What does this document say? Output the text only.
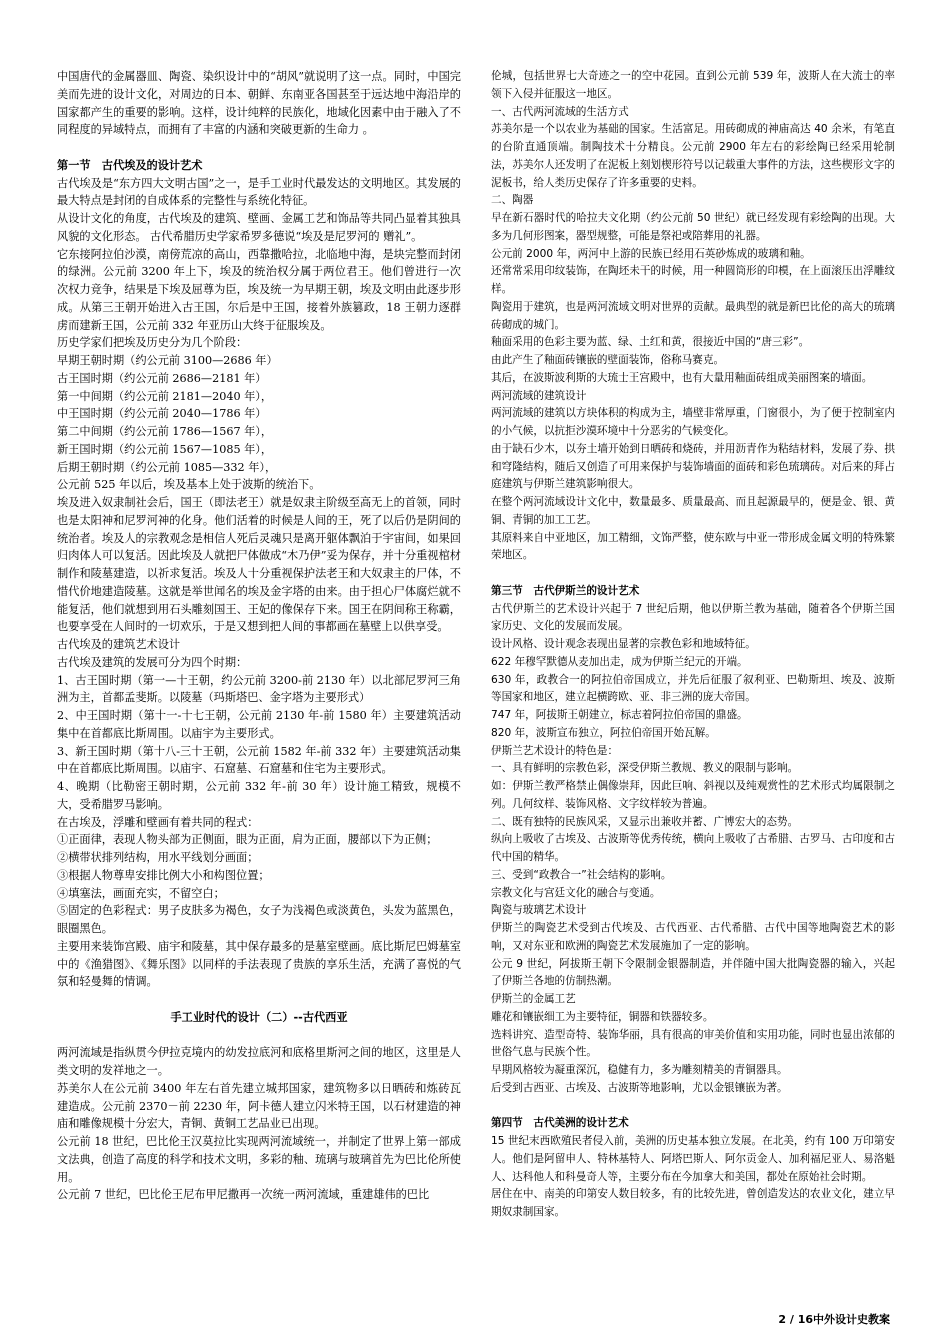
中国唐代的金属器皿、陶瓷、染织设计中的“胡风”就说明了这一点。同时，中国完美而先进的设计文化，对周边的日本、朝鲜、东南亚各国甚至于远达地中海沿岸的国家都产生的重要的影响。这样，设计纯粹的民族化，地域化因素中由于融入了不同程度的异域特点，而拥有了丰富的内涵和突破更新的生命力 。

第一节　古代埃及的设计艺术

古代埃及是“东方四大文明古国”之一，是手工业时代最发达的文明地区。其发展的最大特点是封闭的自成体系的完整性与系统化特征。

从设计文化的角度，古代埃及的建筑、壁画、金属工艺和饰品等共同凸显着其独具风貌的文化形态。 古代希腊历史学家希罗多德说“埃及是尼罗河的 赠礼”。

它东接阿拉伯沙漠，南傍荒凉的高山，西靠撒哈拉，北临地中海，是块完整而封闭的绿洲。公元前 3200 年上下，埃及的统治权分属于两位君王。他们曾进行一次次权力竞争，结果是下埃及屈尊为臣，埃及统一为早期王朝，埃及文明由此逐步形成。从第三王朝开始进入古王国，尔后是中王国，接着外族篡政，18 王朝力逐群虏而建新王国，公元前 332 年亚历山大终于征服埃及。

历史学家们把埃及历史分为几个阶段：

早期王朝时期（约公元前 3100—2686 年）

古王国时期（约公元前 2686—2181 年）

第一中间期（约公元前 2181—2040 年），

中王国时期（约公元前 2040—1786 年）

第二中间期（约公元前 1786—1567 年），

新王国时期（约公元前 1567—1085 年），

后期王朝时期（约公元前 1085—332 年），

公元前 525 年以后，埃及基本上处于波斯的统治下。

埃及进入奴隶制社会后，国王（即法老王）就是奴隶主阶级至高无上的首领，同时也是太阳神和尼罗河神的化身。他们活着的时候是人间的王，死了以后仍是阴间的统治者。埃及人的宗教观念是相信人死后灵魂只是离开躯体飘泊于宇宙间，如果回归肉体人可以复活。因此埃及人就把尸体做成“木乃伊”妥为保存，并十分重视棺材制作和陵墓建造，以祈求复活。埃及人十分重视保护法老王和大奴隶主的尸体，不惜代价地建造陵墓。这就是举世闻名的埃及金字塔的由来。由于担心尸体腐烂就不能复活，他们就想到用石头雕刻国王、王妃的像保存下来。国王在阴间称王称霸，也要享受在人间时的一切欢乐，于是又想到把人间的事都画在墓壁上以供享受。

古代埃及的建筑艺术设计

古代埃及建筑的发展可分为四个时期：

1、古王国时期（第一—十王朝，约公元前 3200-前 2130 年）以北部尼罗河三角洲为主，首都孟斐斯。以陵墓（玛斯塔巴、金字塔为主要形式）

2、中王国时期（第十一-十七王朝，公元前 2130 年-前 1580 年）主要建筑活动集中在首都底比斯周围。以庙宇为主要形式。

3、新王国时期（第十八-三十王朝，公元前 1582 年-前 332 年）主要建筑活动集中在首都底比斯周围。以庙宇、石窟墓、石窟墓和住宅为主要形式。

4、晚期（比勒密王朝时期，公元前 332 年-前 30 年）设计施工精致，规模不大，受希腊罗马影响。

在古埃及，浮雕和壁画有着共同的程式：

①正面律，表现人物头部为正侧面，眼为正面，肩为正面，腰部以下为正侧；

②横带状排列结构，用水平线划分画面；

③根据人物尊卑安排比例大小和构图位置；

④填塞法，画面充实，不留空白；

⑤固定的色彩程式：男子皮肤多为褐色，女子为浅褐色或淡黄色，头发为蓝黑色，眼圈黑色。

主要用来装饰宫殿、庙宇和陵墓，其中保存最多的是墓室壁画。底比斯尼巴姆墓室中的《渔猎图》、《舞乐图》以同样的手法表现了贵族的享乐生活，充满了喜悦的气氛和轻曼舞的情调。

手工业时代的设计（二）--古代西亚

两河流域是指纵贯今伊拉克境内的幼发拉底河和底格里斯河之间的地区，这里是人类文明的发祥地之一。

苏美尔人在公元前 3400 年左右首先建立城邦国家，建筑物多以日晒砖和炼砖瓦建造成。公元前 2370－前 2230 年，阿卡德人建立闪米特王国，以石材建造的神庙和雕像规模十分宏大，青铜、黄铜工艺品业已出现。

公元前 18 世纪，巴比伦王汉莫拉比实现两河流域统一，并制定了世界上第一部成文法典，创造了高度的科学和技术文明，多彩的釉、琉璃与玻璃首先为巴比伦所使用。

公元前 7 世纪，巴比伦王尼布甲尼撒再一次统一两河流域，重建雄伟的巴比

伦城，包括世界七大奇迹之一的空中花园。直到公元前 539 年，波斯人在大流士的率领下入侵并征服这一地区。

一、古代两河流域的生活方式

苏美尔是一个以农业为基础的国家。生活富足。用砖砌成的神庙高达 40 余米，有笔直的台阶直通顶端。制陶技术十分精良。公元前 2900 年左右的彩绘陶已经采用轮制法，苏美尔人还发明了在泥板上刻划楔形符号以记载重大事件的方法，这些楔形文字的泥板书，给人类历史保存了许多重要的史料。

二、陶器

早在新石器时代的哈拉夫文化期（约公元前 50 世纪）就已经发现有彩绘陶的出现。大多为几何形图案，器型规整，可能是祭祀或陪葬用的礼器。

公元前 2000 年，两河中上游的民族已经用石英砂炼成的玻璃和釉。

还常常采用印纹装饰，在陶坯未干的时候，用一种圆筒形的印模，在上面滚压出浮雕纹样。

陶瓷用于建筑，也是两河流域文明对世界的贡献。最典型的就是新巴比伦的高大的琉璃砖砌成的城门。

釉面采用的色彩主要为蓝、绿、土红和黄，很接近中国的“唐三彩”。

由此产生了釉面砖镶嵌的壁面装饰，俗称马赛克。

其后，在波斯波利斯的大琉士王宫殿中，也有大量用釉面砖组成美丽图案的墙面。

两河流域的建筑设计

两河流域的建筑以方块体积的构成为主，墙壁非常厚重，门窗很小，为了便于控制室内的小气候，以抗拒沙漠环境中十分恶劣的气候变化。

由于缺石少木，以夯土墙开始到日晒砖和烧砖，并用沥青作为粘结材料，发展了券、拱和穹隆结构，随后又创造了可用来保护与装饰墙面的面砖和彩色琉璃砖。对后来的拜占庭建筑与伊斯兰建筑影响很大。

在整个两河流域设计文化中，数量最多、质量最高、而且起源最早的，便是金、银、黄铜、青铜的加工工艺。

其原料来自中亚地区，加工精细，文饰严整，使东欧与中亚一带形成金属文明的特殊繁荣地区。

第三节　古代伊斯兰的设计艺术

古代伊斯兰的艺术设计兴起于 7 世纪后期，他以伊斯兰教为基础，随着各个伊斯兰国家历史、文化的发展而发展。

设计风格、设计观念表现出显著的宗教色彩和地域特征。

622 年穆罕默德从麦加出走，成为伊斯兰纪元的开端。

630 年，政教合一的阿拉伯帝国成立，并先后征服了叙利亚、巴勒斯坦、埃及、波斯等国家和地区，建立起横跨欧、亚、非三洲的庞大帝国。

747 年，阿拔斯王朝建立，标志着阿拉伯帝国的鼎盛。

820 年，波斯宣布独立，阿拉伯帝国开始瓦解。

伊斯兰艺术设计的特色是：

一、具有鲜明的宗教色彩，深受伊斯兰教规、教义的限制与影响。

如：伊斯兰教严格禁止偶像崇拜，因此巨响、斜视以及纯观赏性的艺术形式均属限制之列。几何纹样、装饰风格、文字纹样较为普遍。

二、既有独特的民族风采，又显示出兼收并蓄、广博宏大的态势。

纵向上吸收了古埃及、古波斯等优秀传统，横向上吸收了古希腊、古罗马、古印度和古代中国的精华。

三、受到“政教合一”社会结构的影响。

宗教文化与宫廷文化的融合与变通。

陶瓷与玻璃艺术设计

伊斯兰的陶瓷艺术受到古代埃及、古代西亚、古代希腊、古代中国等地陶瓷艺术的影响，又对东亚和欧洲的陶瓷艺术发展施加了一定的影响。

公元 9 世纪，阿拔斯王朝下令限制金银器制造，并伴随中国大批陶瓷器的输入，兴起了伊斯兰各地的仿制热潮。

伊斯兰的金属工艺

雕花和镶嵌细工为主要特征，铜器和铁器较多。

选料讲究、造型奇特、装饰华丽，具有很高的审美价值和实用功能，同时也显出浓郁的世俗气息与民族个性。

早期风格较为凝重深沉，稳健有力，多为雕刻精美的青铜器具。

后受到古西亚、古埃及、古波斯等地影响，尤以金银镶嵌为著。

第四节　古代美洲的设计艺术

15 世纪末西欧殖民者侵入前，美洲的历史基本独立发展。在北美，约有 100 万印第安人。他们是阿留申人、特林基特人、阿塔巴斯人、阿尔贡金人、加利福尼亚人、易洛魁人、达科他人和科曼奇人等，主要分布在今加拿大和美国，都处在原始社会时期。

居住在中、南美的印第安人数目较多，有的比较先进，曾创造发达的农业文化，建立早期奴隶制国家。

2 / 16中外设计史教案
